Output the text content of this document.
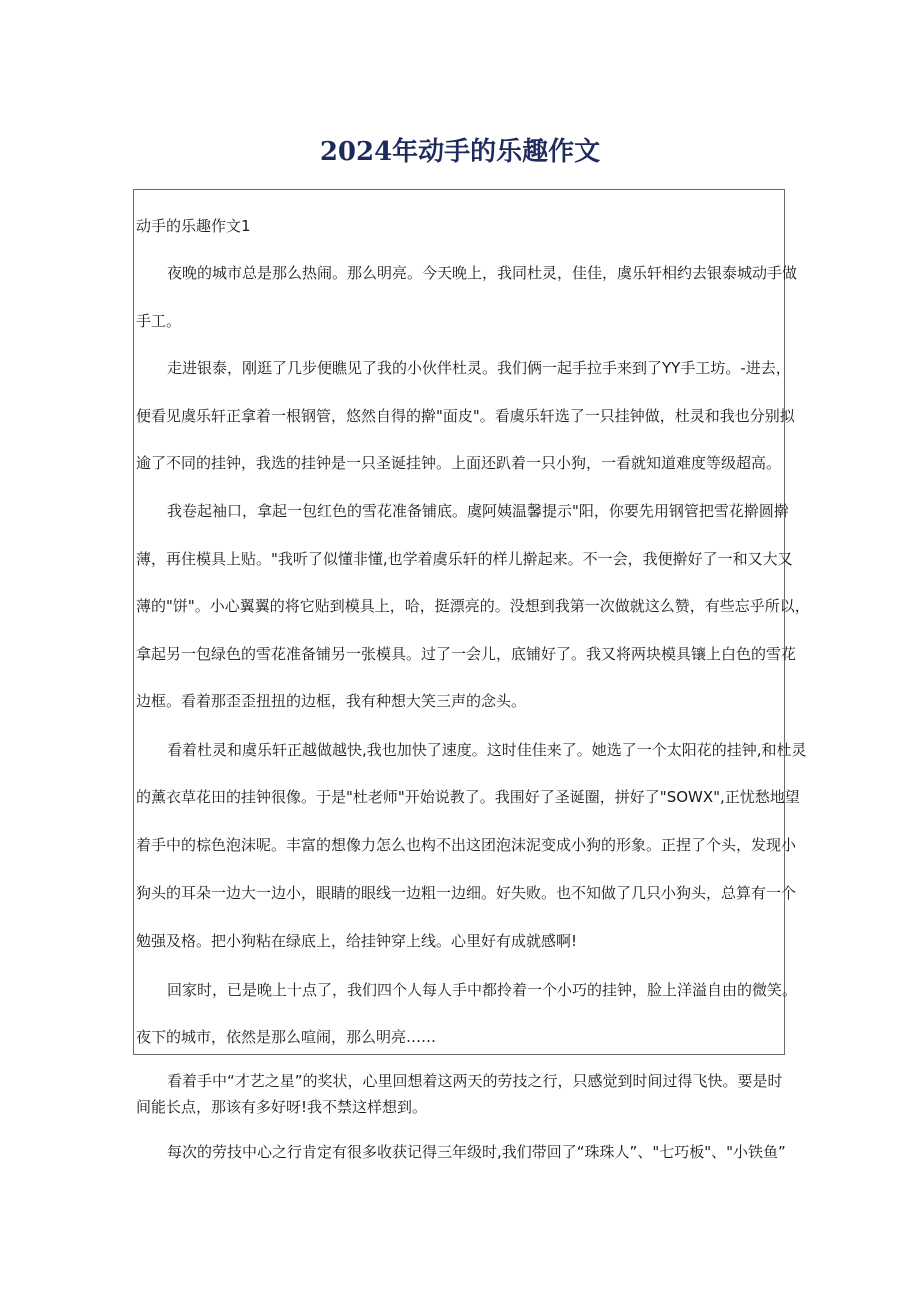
2024年动手的乐趣作文

动手的乐趣作文1

夜晚的城市总是那么热闹。那么明亮。今天晚上，我同杜灵，佳佳，虞乐轩相约去银泰城动手做

手工。

走进银泰，刚逛了几步便瞧见了我的小伙伴杜灵。我们俩一起手拉手来到了YY手工坊。-进去，

便看见虞乐轩正拿着一根钢管，悠然自得的擀"面皮"。看虞乐轩选了一只挂钟做，杜灵和我也分别拟

逾了不同的挂钟，我选的挂钟是一只圣诞挂钟。上面还趴着一只小狗，一看就知道难度等级超高。

我卷起袖口，拿起一包红色的雪花准备铺底。虞阿姨温馨提示"阳，你要先用钢管把雪花擀圆擀

薄，再住模具上贴。"我听了似懂非懂,也学着虞乐轩的样儿擀起来。不一会，我便擀好了一和又大又

薄的"饼"。小心翼翼的将它贴到模具上，哈，挺漂亮的。没想到我第一次做就这么赞，有些忘乎所以，

拿起另一包绿色的雪花准备铺另一张模具。过了一会儿，底铺好了。我又将两块模具镶上白色的雪花

边框。看着那歪歪扭扭的边框，我有种想大笑三声的念头。

看着杜灵和虞乐轩正越做越快,我也加快了速度。这时佳佳来了。她选了一个太阳花的挂钟,和杜灵

的薰衣草花田的挂钟很像。于是"杜老师"开始说教了。我围好了圣诞圈，拼好了"SOWX",正忧愁地望

着手中的棕色泡沫呢。丰富的想像力怎么也构不出这团泡沫泥变成小狗的形象。正捏了个头，发现小

狗头的耳朵一边大一边小，眼睛的眼线一边粗一边细。好失败。也不知做了几只小狗头，总算有一个

勉强及格。把小狗粘在绿底上，给挂钟穿上线。心里好有成就感啊!

回家时，已是晚上十点了，我们四个人每人手中都拎着一个小巧的挂钟，脸上洋溢自由的微笑。

夜下的城市，依然是那么喧闹，那么明亮……

看着手中“才艺之星”的奖状，心里回想着这两天的劳技之行，只感觉到时间过得飞快。要是时

间能长点，那该有多好呀!我不禁这样想到。

每次的劳技中心之行肯定有很多收获记得三年级时,我们带回了“珠珠人”、"七巧板"、"小铁鱼”
